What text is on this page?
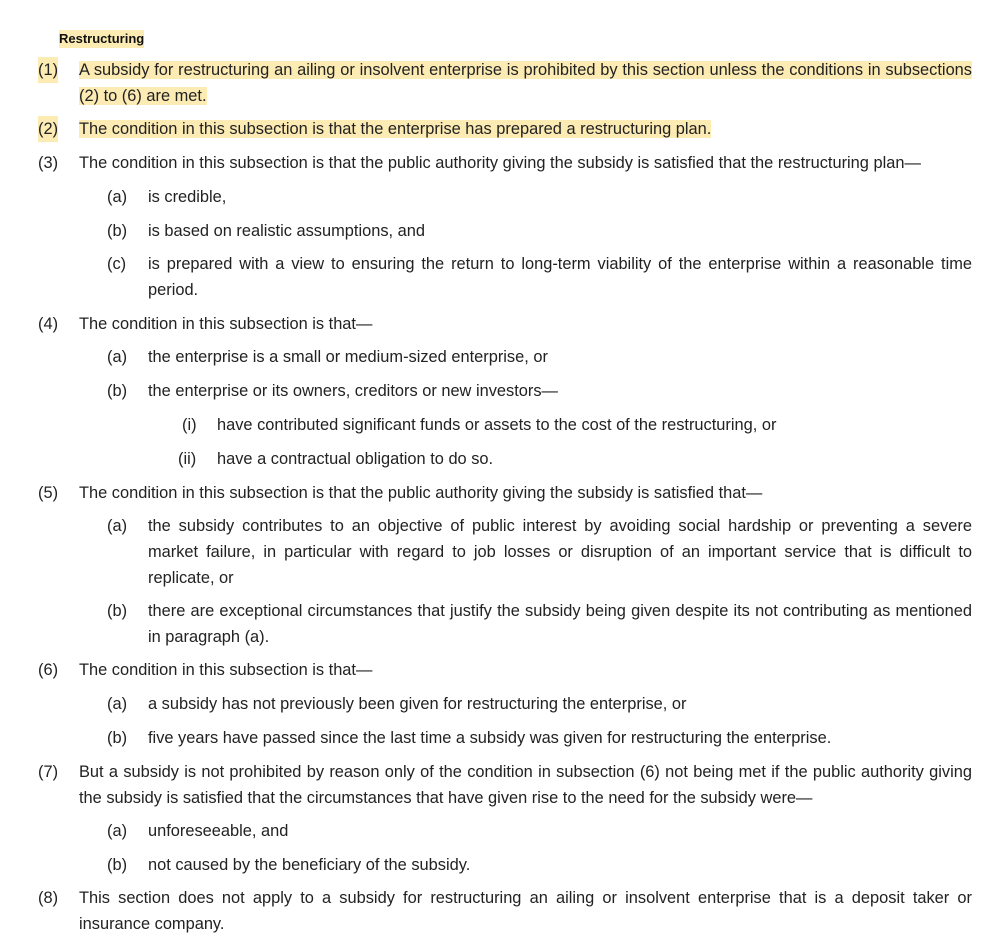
Restructuring
(1) A subsidy for restructuring an ailing or insolvent enterprise is prohibited by this section unless the conditions in subsections (2) to (6) are met.
(2) The condition in this subsection is that the enterprise has prepared a restructuring plan.
(3) The condition in this subsection is that the public authority giving the subsidy is satisfied that the restructuring plan—
(a) is credible,
(b) is based on realistic assumptions, and
(c) is prepared with a view to ensuring the return to long-term viability of the enterprise within a reasonable time period.
(4) The condition in this subsection is that—
(a) the enterprise is a small or medium-sized enterprise, or
(b) the enterprise or its owners, creditors or new investors—
(i) have contributed significant funds or assets to the cost of the restructuring, or
(ii) have a contractual obligation to do so.
(5) The condition in this subsection is that the public authority giving the subsidy is satisfied that—
(a) the subsidy contributes to an objective of public interest by avoiding social hardship or preventing a severe market failure, in particular with regard to job losses or disruption of an important service that is difficult to replicate, or
(b) there are exceptional circumstances that justify the subsidy being given despite its not contributing as mentioned in paragraph (a).
(6) The condition in this subsection is that—
(a) a subsidy has not previously been given for restructuring the enterprise, or
(b) five years have passed since the last time a subsidy was given for restructuring the enterprise.
(7) But a subsidy is not prohibited by reason only of the condition in subsection (6) not being met if the public authority giving the subsidy is satisfied that the circumstances that have given rise to the need for the subsidy were—
(a) unforeseeable, and
(b) not caused by the beneficiary of the subsidy.
(8) This section does not apply to a subsidy for restructuring an ailing or insolvent enterprise that is a deposit taker or insurance company.
